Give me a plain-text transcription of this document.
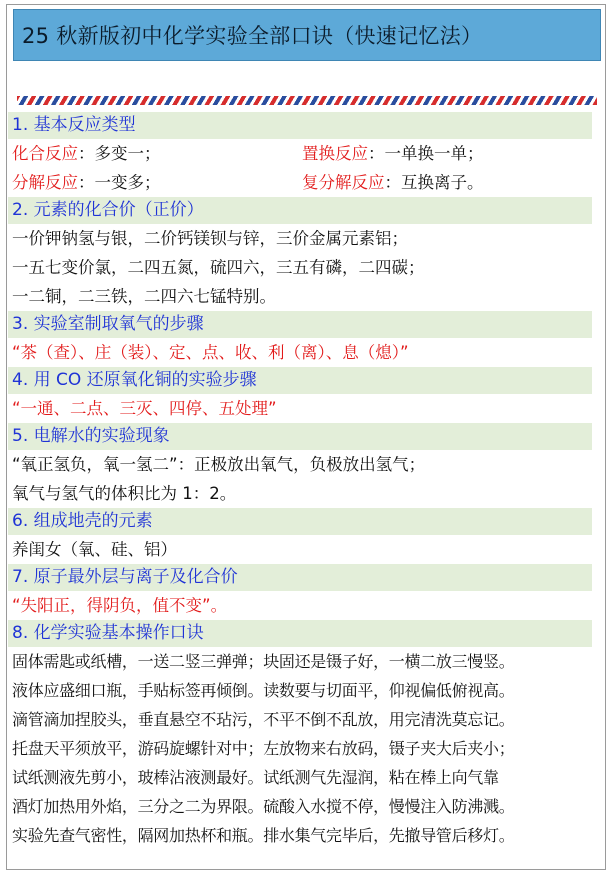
25 秋新版初中化学实验全部口诀（快速记忆法）
1. 基本反应类型
化合反应：多变一；	置换反应：一单换一单；
分解反应：一变多；	复分解反应：互换离子。
2. 元素的化合价（正价）
一价钾钠氢与银，二价钙镁钡与锌，三价金属元素铝；
一五七变价氯，二四五氮，硫四六，三五有磷，二四碳；
一二铜，二三铁，二四六七锰特别。
3. 实验室制取氧气的步骤
“茶（查）、庄（装）、定、点、收、利（离）、息（熄）”
4. 用 CO 还原氧化铜的实验步骤
“一通、二点、三灭、四停、五处理”
5. 电解水的实验现象
“氧正氢负，氧一氢二”：正极放出氧气，负极放出氢气；
氧气与氢气的体积比为 1：2。
6. 组成地壳的元素
养闺女（氧、硅、铝）
7. 原子最外层与离子及化合价
“失阳正，得阴负，值不变”。
8. 化学实验基本操作口诀
固体需匙或纸槽，一送二竖三弹弹；块固还是镊子好，一横二放三慢竖。
液体应盛细口瓶，手贴标签再倾倒。读数要与切面平，仰视偏低俯视高。
滴管滴加捏胶头，垂直悬空不玷污，不平不倒不乱放，用完清洗莫忘记。
托盘天平须放平，游码旋螺针对中；左放物来右放码，镊子夹大后夹小；
试纸测液先剪小，玻棒沾液测最好。试纸测气先湿润，粘在棒上向气靠
酒灯加热用外焰，三分之二为界限。硫酸入水搅不停，慢慢注入防沸溅。
实验先查气密性，隔网加热杯和瓶。排水集气完毕后，先撤导管后移灯。
